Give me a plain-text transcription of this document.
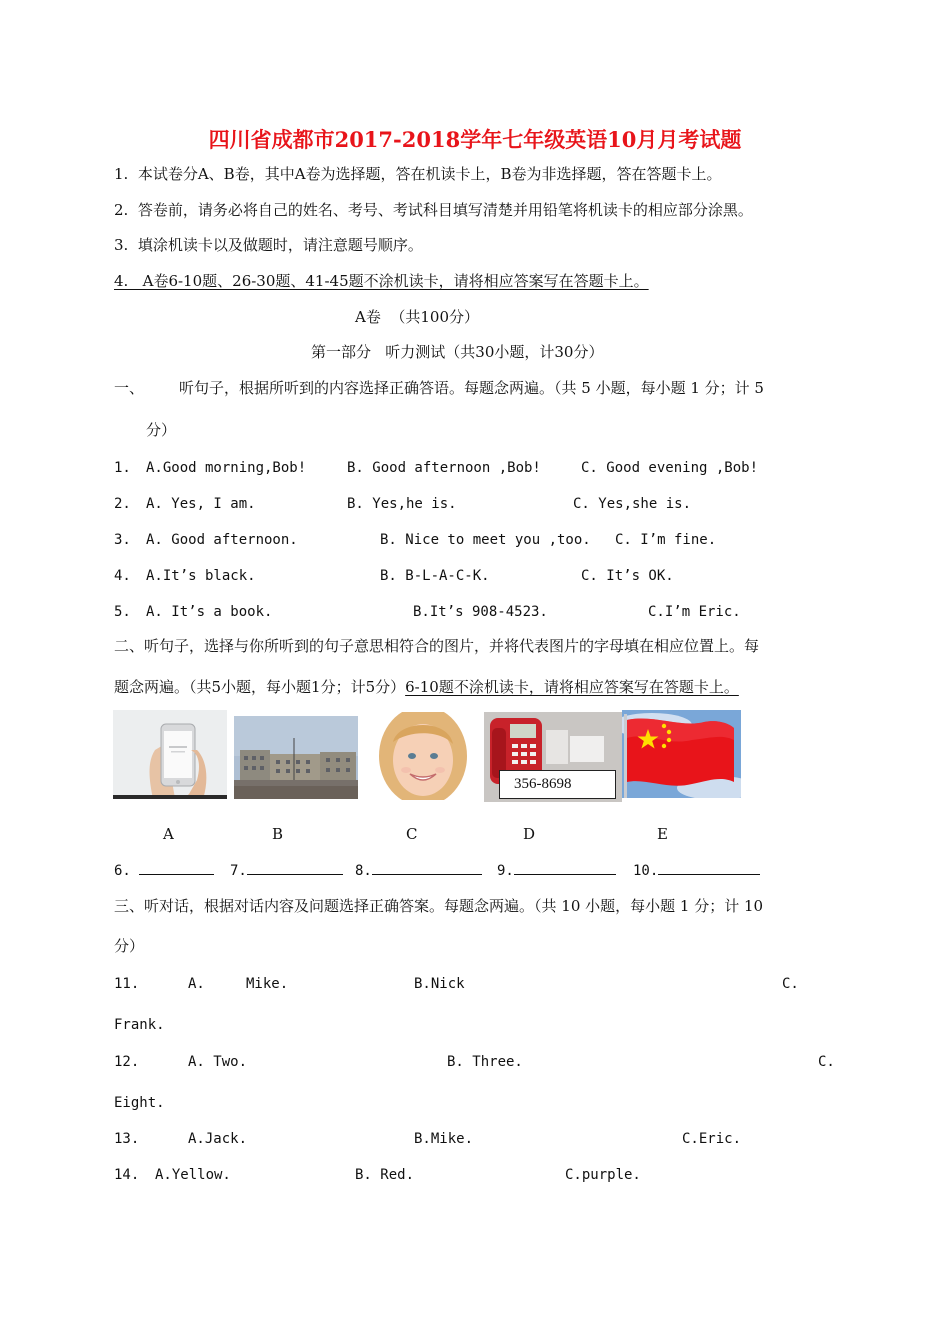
四川省成都市2017-2018学年七年级英语10月月考试题
1.  本试卷分A、B卷，其中A卷为选择题，答在机读卡上，B卷为非选择题，答在答题卡上。
2.  答卷前，请务必将自己的姓名、考号、考试科目填写清楚并用铅笔将机读卡的相应部分涂黑。
3.  填涂机读卡以及做题时，请注意题号顺序。
4.   A卷6-10题、26-30题、41-45题不涂机读卡，请将相应答案写在答题卡上。
A卷  （共100分）
第一部分   听力测试（共30小题，计30分）
一、 听句子，根据所听到的内容选择正确答语。每题念两遍。（共 5 小题，每小题 1 分；计 5
分）
1. A.Good morning,Bob!	B. Good afternoon ,Bob!	C. Good evening ,Bob!
2. A. Yes, I am.	B. Yes,he is.	C. Yes,she is.
3. A. Good afternoon.	B. Nice to meet you ,too. C. I’m fine.
4. A.It’s black.	B. B-L-A-C-K.	C. It’s OK.
5. A. It’s a book.	B.It’s 908-4523.	C.I’m Eric.
二、听句子，选择与你所听到的句子意思相符合的图片，并将代表图片的字母填在相应位置上。每
题念两遍。（共5小题，每小题1分；计5分）6-10题不涂机读卡，请将相应答案写在答题卡上。
356-8698
A	B	C	D	E
6.	7.	8.	9.	10.
三、听对话，根据对话内容及问题选择正确答案。每题念两遍。（共 10 小题，每小题 1 分；计 10
分）
11.	A.	Mike.	B.Nick	C.
Frank.
12.	A. Two.	B. Three.	C.
Eight.
13.	A.Jack.	B.Mike.	C.Eric.
14. A.Yellow.	B. Red.	C.purple.
